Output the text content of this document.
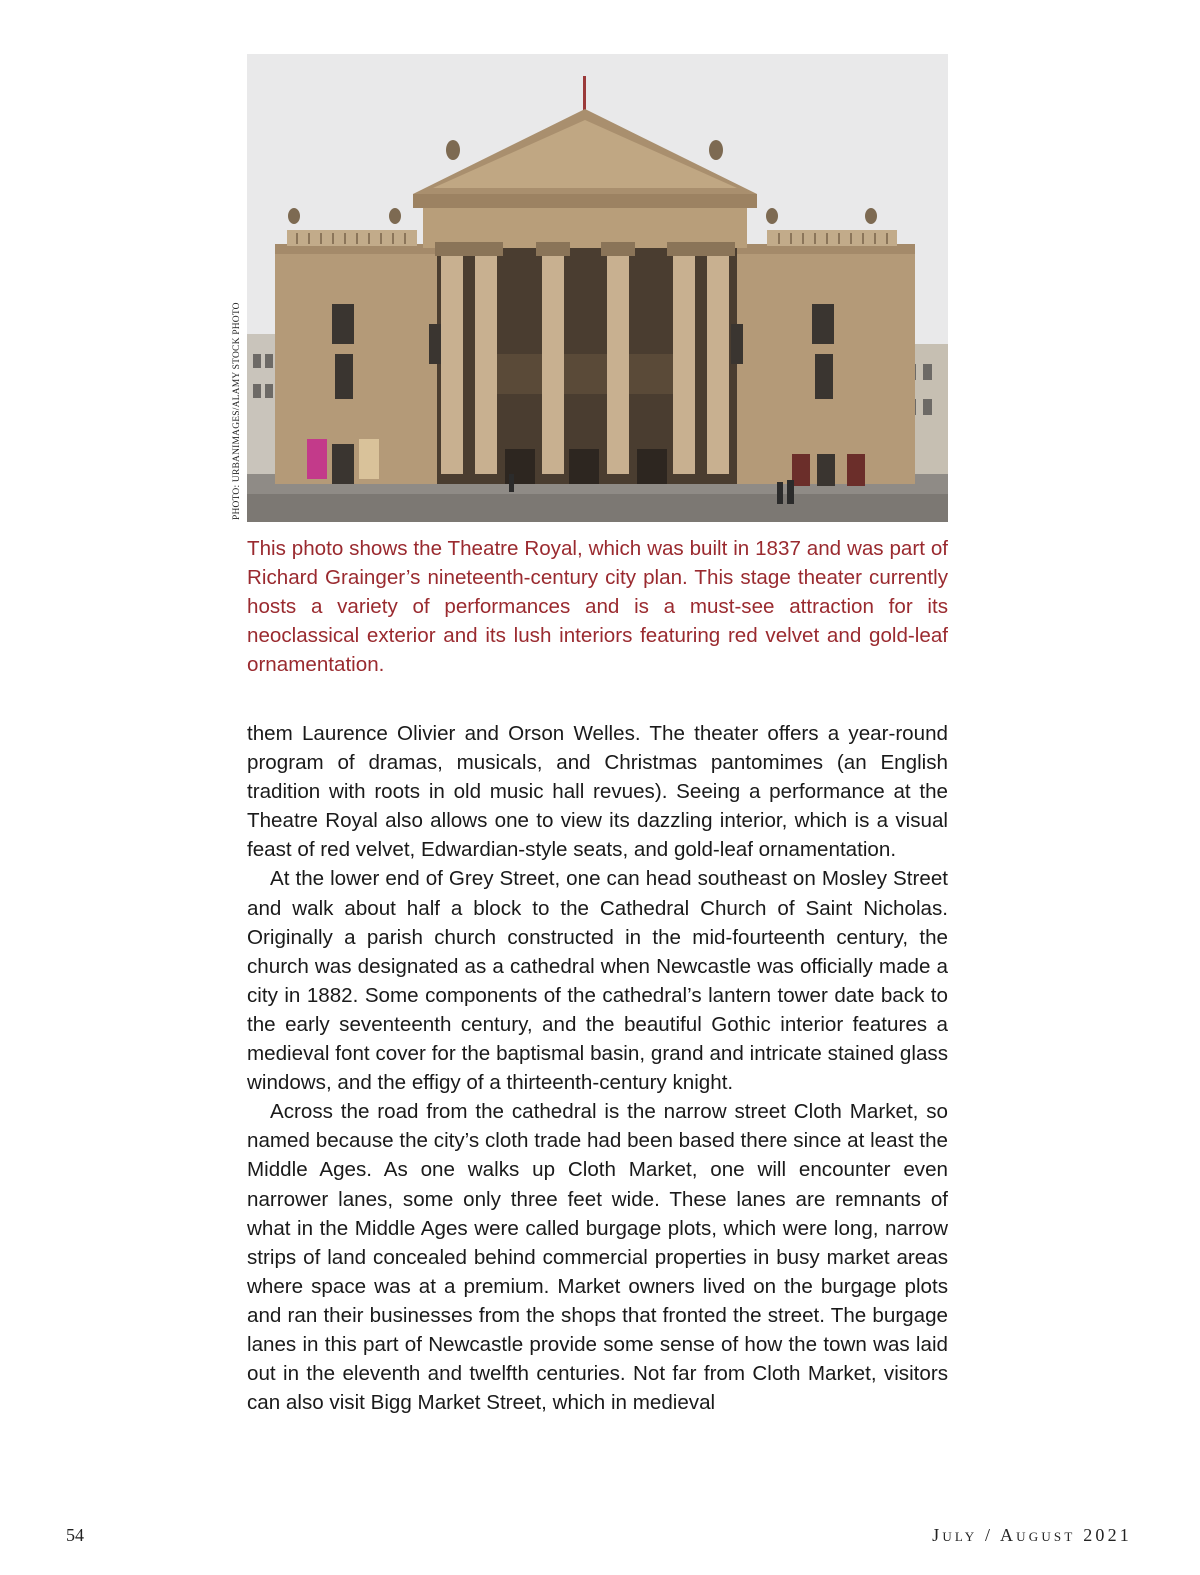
PHOTO: URBANIMAGES/ALAMY STOCK PHOTO

This photo shows the Theatre Royal, which was built in 1837 and was part of Richard Grainger’s nineteenth-century city plan. This stage theater currently hosts a variety of performances and is a must-see attraction for its neoclassical exterior and its lush interiors featuring red velvet and gold-leaf ornamentation.

them Laurence Olivier and Orson Welles. The theater offers a year-round program of dramas, musicals, and Christmas pantomimes (an English tradition with roots in old music hall revues). Seeing a performance at the Theatre Royal also allows one to view its dazzling interior, which is a visual feast of red velvet, Edwardian-style seats, and gold-leaf ornamentation.

At the lower end of Grey Street, one can head southeast on Mosley Street and walk about half a block to the Cathedral Church of Saint Nicholas. Originally a parish church constructed in the mid-fourteenth century, the church was designated as a cathedral when Newcastle was officially made a city in 1882. Some components of the cathedral’s lantern tower date back to the early seventeenth century, and the beautiful Gothic interior features a medieval font cover for the baptismal basin, grand and intricate stained glass windows, and the effigy of a thirteenth-century knight.

Across the road from the cathedral is the narrow street Cloth Market, so named because the city’s cloth trade had been based there since at least the Middle Ages. As one walks up Cloth Market, one will encounter even narrower lanes, some only three feet wide. These lanes are remnants of what in the Middle Ages were called burgage plots, which were long, narrow strips of land concealed behind commercial properties in busy market areas where space was at a premium. Market owners lived on the burgage plots and ran their businesses from the shops that fronted the street. The burgage lanes in this part of Newcastle provide some sense of how the town was laid out in the eleventh and twelfth centuries. Not far from Cloth Market, visitors can also visit Bigg Market Street, which in medieval

54	July / August 2021
